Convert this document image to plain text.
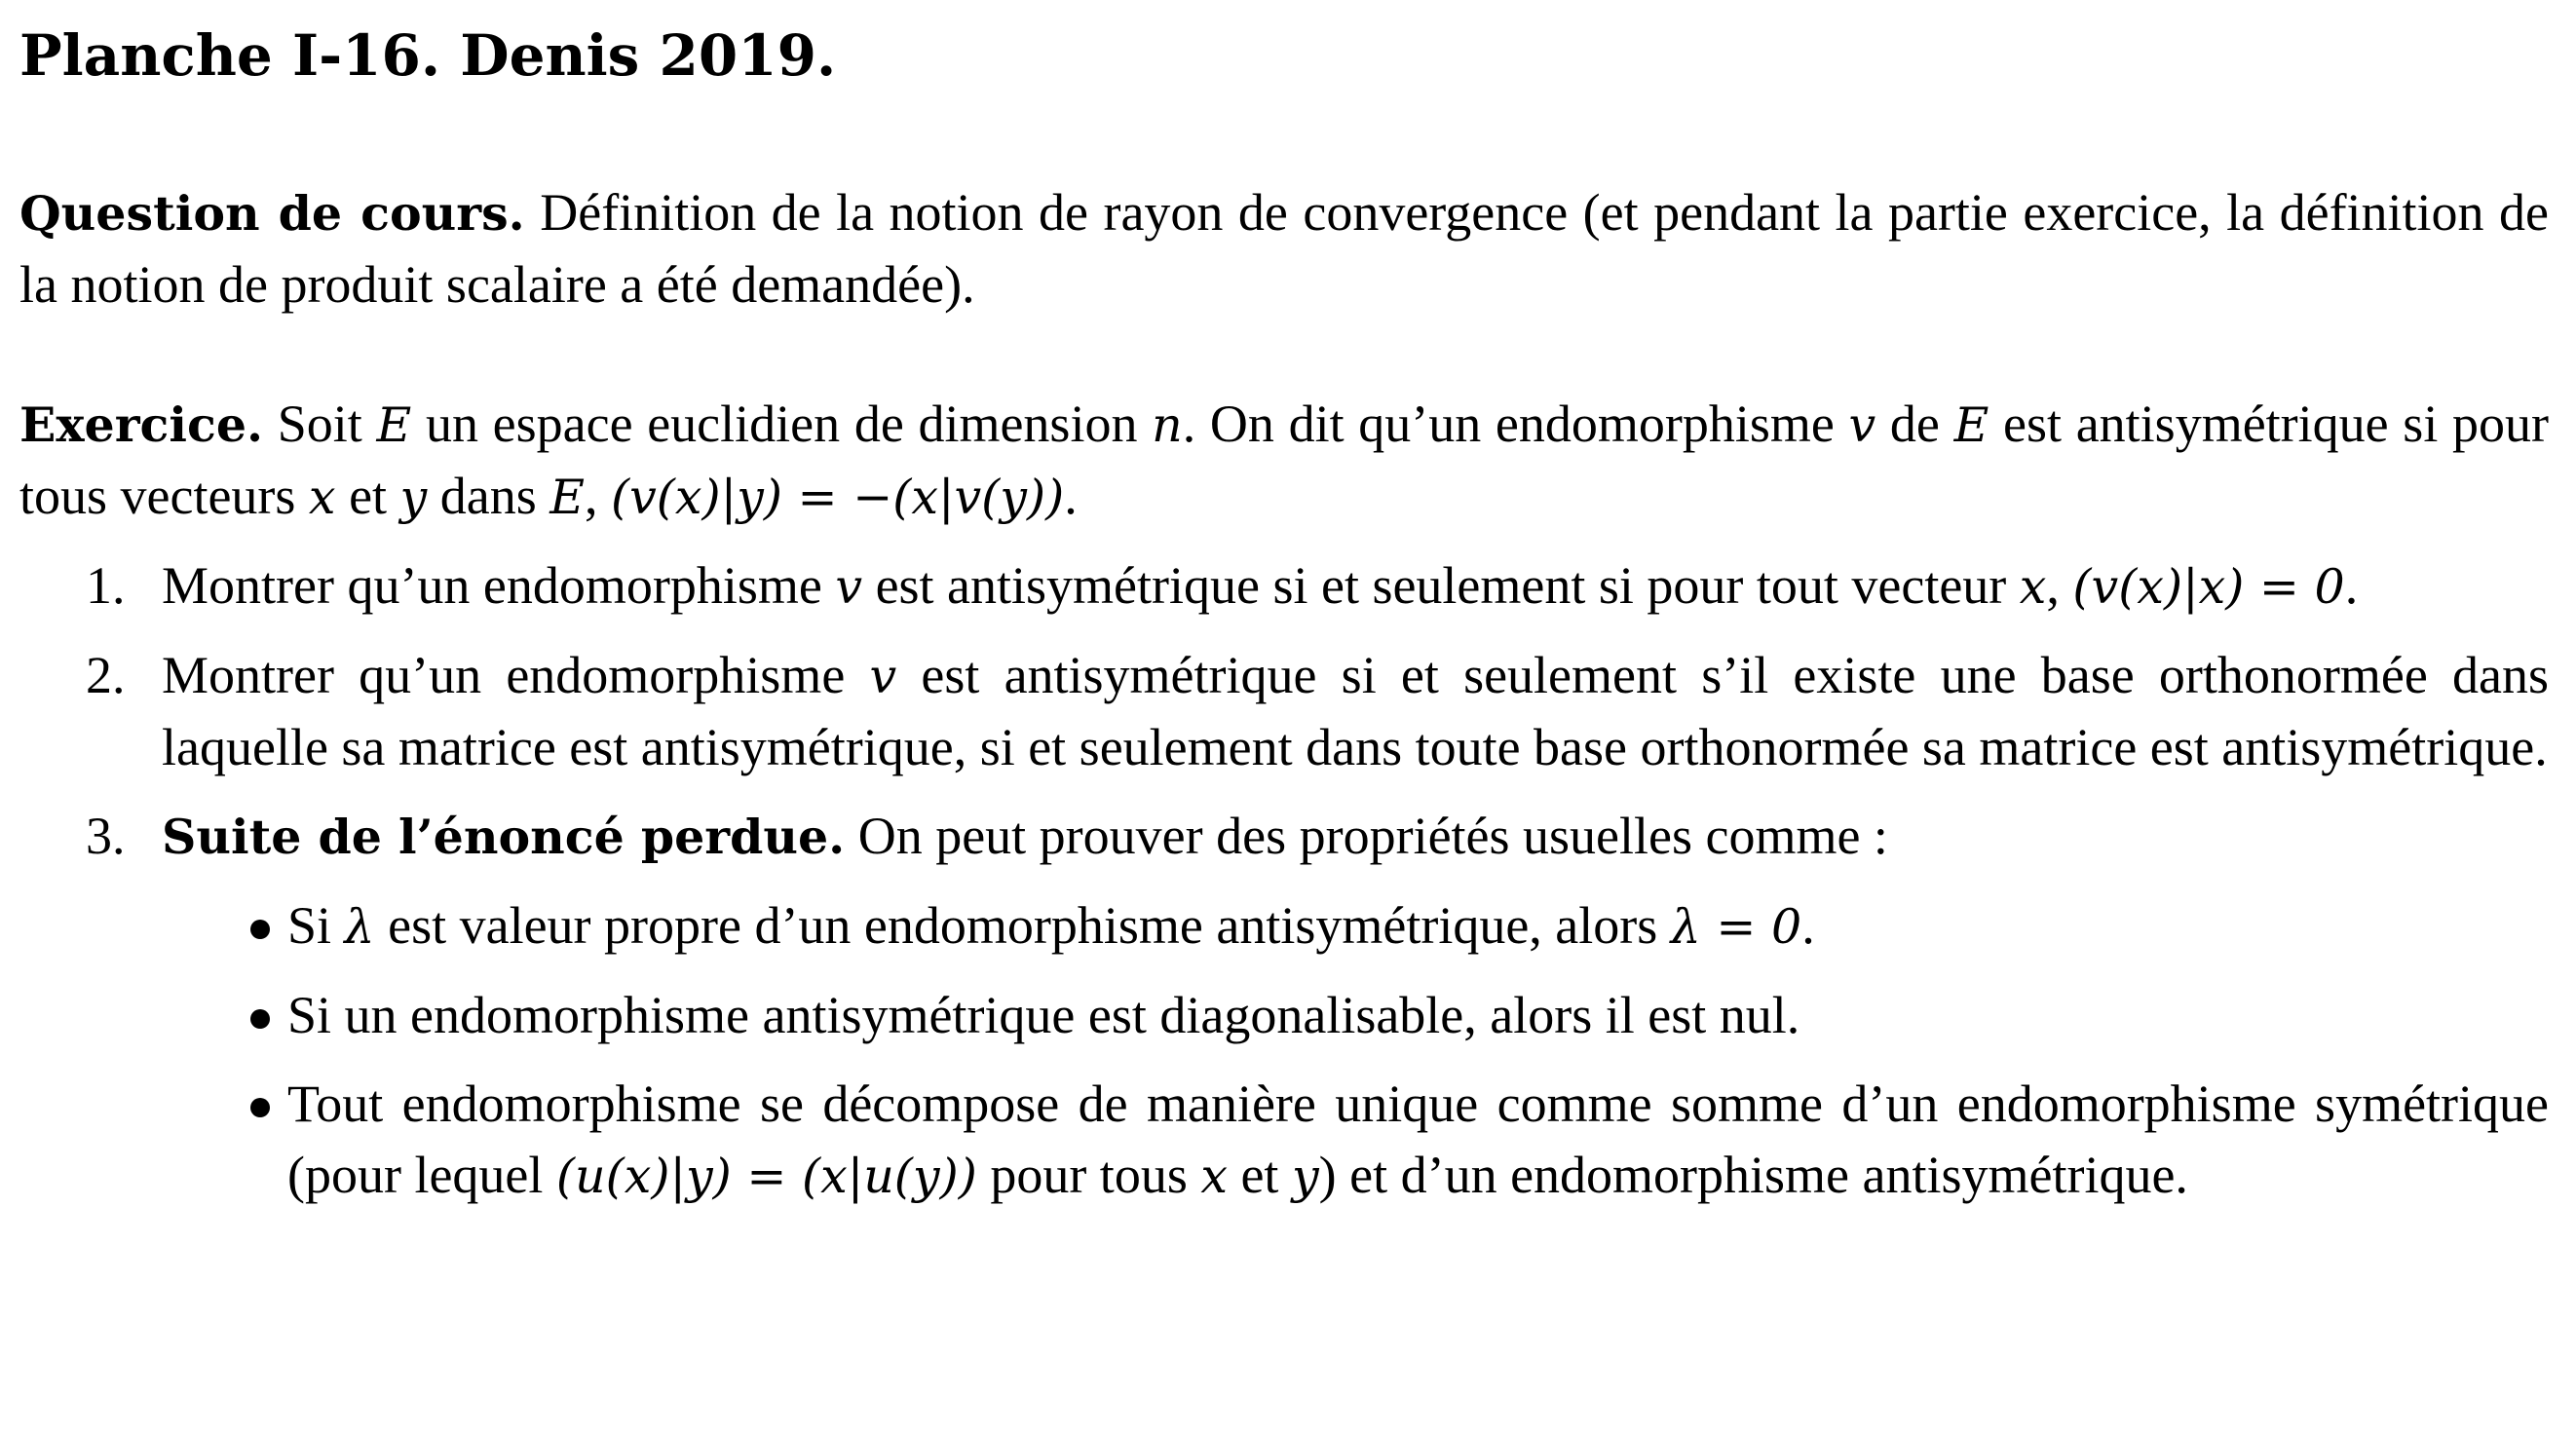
Planche I-16. Denis 2019.

Question de cours. Définition de la notion de rayon de convergence (et pendant la partie exercice, la définition de la notion de produit scalaire a été demandée).

Exercice. Soit E un espace euclidien de dimension n. On dit qu’un endomorphisme v de E est antisymétrique si pour tous vecteurs x et y dans E, (v(x)|y) = −(x|v(y)).

1. Montrer qu’un endomorphisme v est antisymétrique si et seulement si pour tout vecteur x, (v(x)|x) = 0.
2. Montrer qu’un endomorphisme v est antisymétrique si et seulement s’il existe une base orthonormée dans laquelle sa matrice est antisymétrique, si et seulement dans toute base orthonormée sa matrice est antisymétrique.
3. Suite de l’énoncé perdue. On peut prouver des propriétés usuelles comme :
Si λ est valeur propre d’un endomorphisme antisymétrique, alors λ = 0.
Si un endomorphisme antisymétrique est diagonalisable, alors il est nul.
Tout endomorphisme se décompose de manière unique comme somme d’un endomorphisme symétrique (pour lequel (u(x)|y) = (x|u(y)) pour tous x et y) et d’un endomorphisme antisymétrique.
